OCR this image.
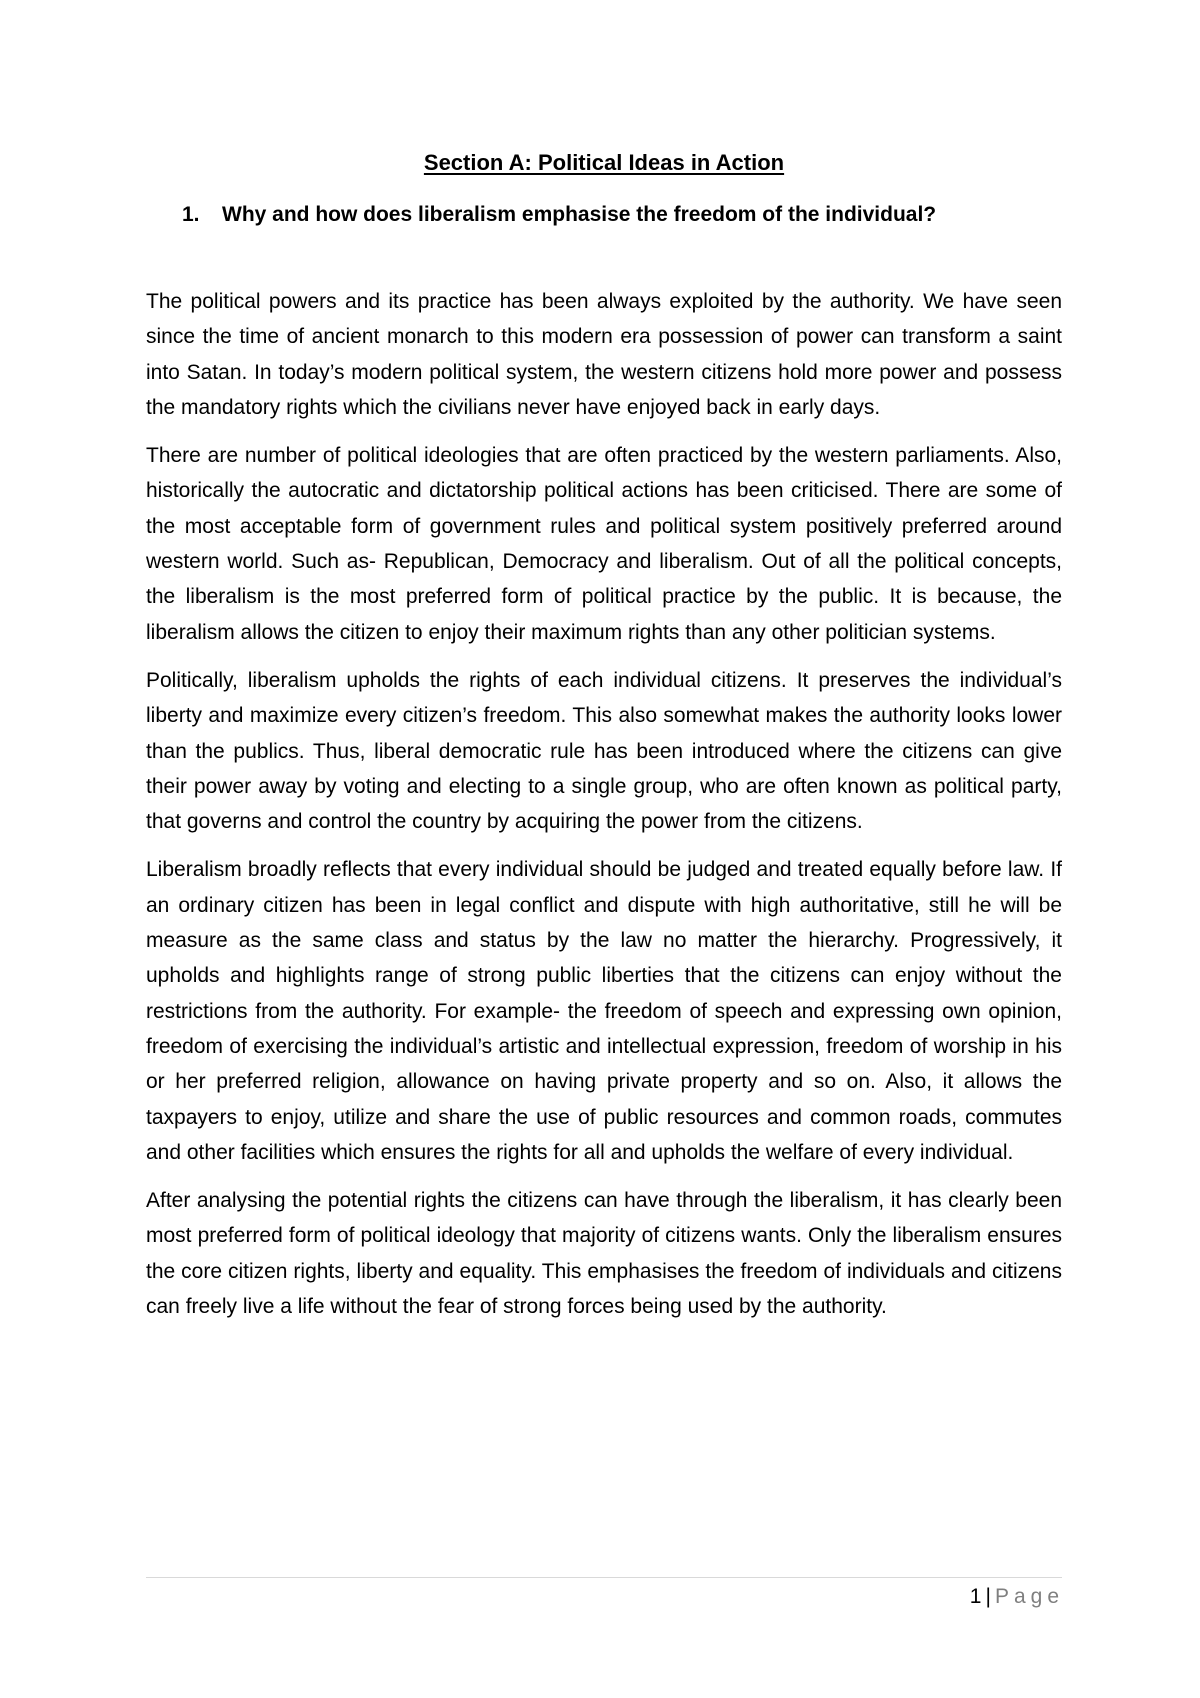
Section A: Political Ideas in Action
1. Why and how does liberalism emphasise the freedom of the individual?

The political powers and its practice has been always exploited by the authority. We have seen since the time of ancient monarch to this modern era possession of power can transform a saint into Satan. In today’s modern political system, the western citizens hold more power and possess the mandatory rights which the civilians never have enjoyed back in early days.

There are number of political ideologies that are often practiced by the western parliaments. Also, historically the autocratic and dictatorship political actions has been criticised. There are some of the most acceptable form of government rules and political system positively preferred around western world. Such as- Republican, Democracy and liberalism. Out of all the political concepts, the liberalism is the most preferred form of political practice by the public. It is because, the liberalism allows the citizen to enjoy their maximum rights than any other politician systems.

Politically, liberalism upholds the rights of each individual citizens. It preserves the individual’s liberty and maximize every citizen’s freedom. This also somewhat makes the authority looks lower than the publics. Thus, liberal democratic rule has been introduced where the citizens can give their power away by voting and electing to a single group, who are often known as political party, that governs and control the country by acquiring the power from the citizens.

Liberalism broadly reflects that every individual should be judged and treated equally before law. If an ordinary citizen has been in legal conflict and dispute with high authoritative, still he will be measure as the same class and status by the law no matter the hierarchy. Progressively, it upholds and highlights range of strong public liberties that the citizens can enjoy without the restrictions from the authority. For example- the freedom of speech and expressing own opinion, freedom of exercising the individual’s artistic and intellectual expression, freedom of worship in his or her preferred religion, allowance on having private property and so on. Also, it allows the taxpayers to enjoy, utilize and share the use of public resources and common roads, commutes and other facilities which ensures the rights for all and upholds the welfare of every individual.

After analysing the potential rights the citizens can have through the liberalism, it has clearly been most preferred form of political ideology that majority of citizens wants. Only the liberalism ensures the core citizen rights, liberty and equality. This emphasises the freedom of individuals and citizens can freely live a life without the fear of strong forces being used by the authority.

1 | Page
